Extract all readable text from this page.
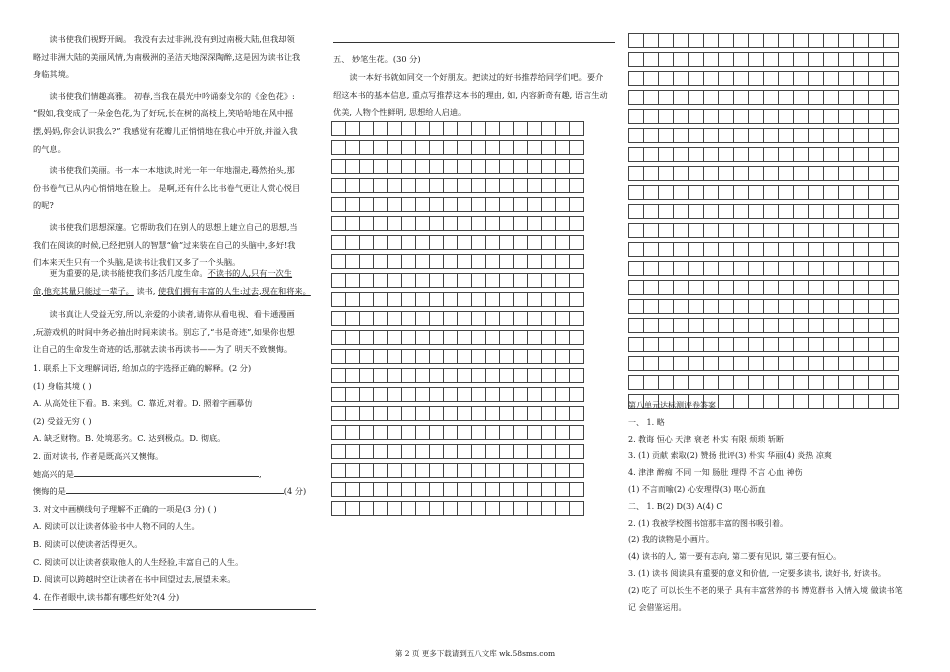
读书使我们视野开阔。 我没有去过非洲,没有到过南极大陆,但我却领

略过非洲大陆的美丽风情,为南极洲的圣洁天地深深陶醉,这是因为读书让我

身临其境。

读书使我们情趣高雅。 初春,当我在晨光中吟诵泰戈尔的《金色花》:

“假如,我变成了一朵金色花,为了好玩,长在树的高枝上,笑哈哈地在风中摇

摆,妈妈,你会认识我么?” 我感觉有花瓣儿正悄悄地在我心中开放,并溢入我

的气息。

读书使我们美丽。书一本一本地读,时光一年一年地溜走,蓦然抬头,那

份书卷气已从内心悄悄地在脸上。 是啊,还有什么比书卷气更让人赏心悦目

的呢?

读书使我们思想深邃。它帮助我们在别人的思想上建立自己的思想,当

我们在阅读的时候,已经把别人的智慧“偷”过来装在自己的头脑中,多好!我

们本来天生只有一个头脑,是读书让我们又多了一个头脑。

更为重要的是,读书能使我们多活几度生命。不读书的人,只有一次生

命,他充其量只能过一辈子。 读书, 使我们拥有丰富的人生:过去,现在和将来。

读书真让人受益无穷,所以,亲爱的小读者,请你从看电视、看卡通漫画

,玩游戏机的时间中务必抽出时间来读书。别忘了,“书是奇迹”,如果你也想

让自己的生命发生奇迹的话,那就去读书再读书——为了 明天不致懊悔。

1. 联系上下文理解词语, 给加点的字选择正确的解释。(2 分)

(1) 身临其境 ( )

A. 从高处往下看。B. 来到。C. 靠近,对着。D. 照着字画摹仿

(2) 受益无穷 ( )

A. 缺乏财物。B. 处境恶劣。C. 达到极点。D. 彻底。

2. 面对读书, 作者是既高兴又懊悔。

她高兴的是	,

懊悔的是	(4 分)

3. 对文中画横线句子理解不正确的一项是(3 分) ( )

A. 阅读可以让读者体验书中人物不同的人生。

B. 阅读可以使读者活得更久。

C. 阅读可以让读者获取他人的人生经验,丰富自己的人生。

D. 阅读可以跨越时空让读者在书中回望过去,展望未来。

4. 在作者眼中,读书都有哪些好处?(4 分)

五、 妙笔生花。(30 分)

读一本好书就如同交一个好朋友。把读过的好书推荐给同学们吧。要介

绍这本书的基本信息, 重点写推荐这本书的理由, 如, 内容新奇有趣, 语言生动

优美, 人物个性鲜明, 思想给人启迪。

第八单元达标测评卷答案

一、 1. 略

2. 教诲 恒心 天津 衰老 朴实 有限 烦琐 斩断

3. (1) 贡献 索取(2) 赞扬 批评(3) 朴实 华丽(4) 炎热 凉爽

4. 津津 醉痴 不同 一知 肠肚 理得 不言 心血 神伤

(1) 不言而喻(2) 心安理得(3) 呕心沥血

二、 1. B(2) D(3) A(4) C

2. (1) 我被学校图书馆那丰富的图书吸引着。

(2) 我的读物是小画片。

(4) 读书的人, 第一要有志向, 第二要有见识, 第三要有恒心。

3. (1) 读书 阅读具有重要的意义和价值, 一定要多读书, 读好书, 好读书。

(2) 吃了 可以长生不老的果子 具有丰富营养的书 博览群书 入情入境 做读书笔

记 会借鉴运用。

第 2 页 更多下载请到五八文库 wk.58sms.com
